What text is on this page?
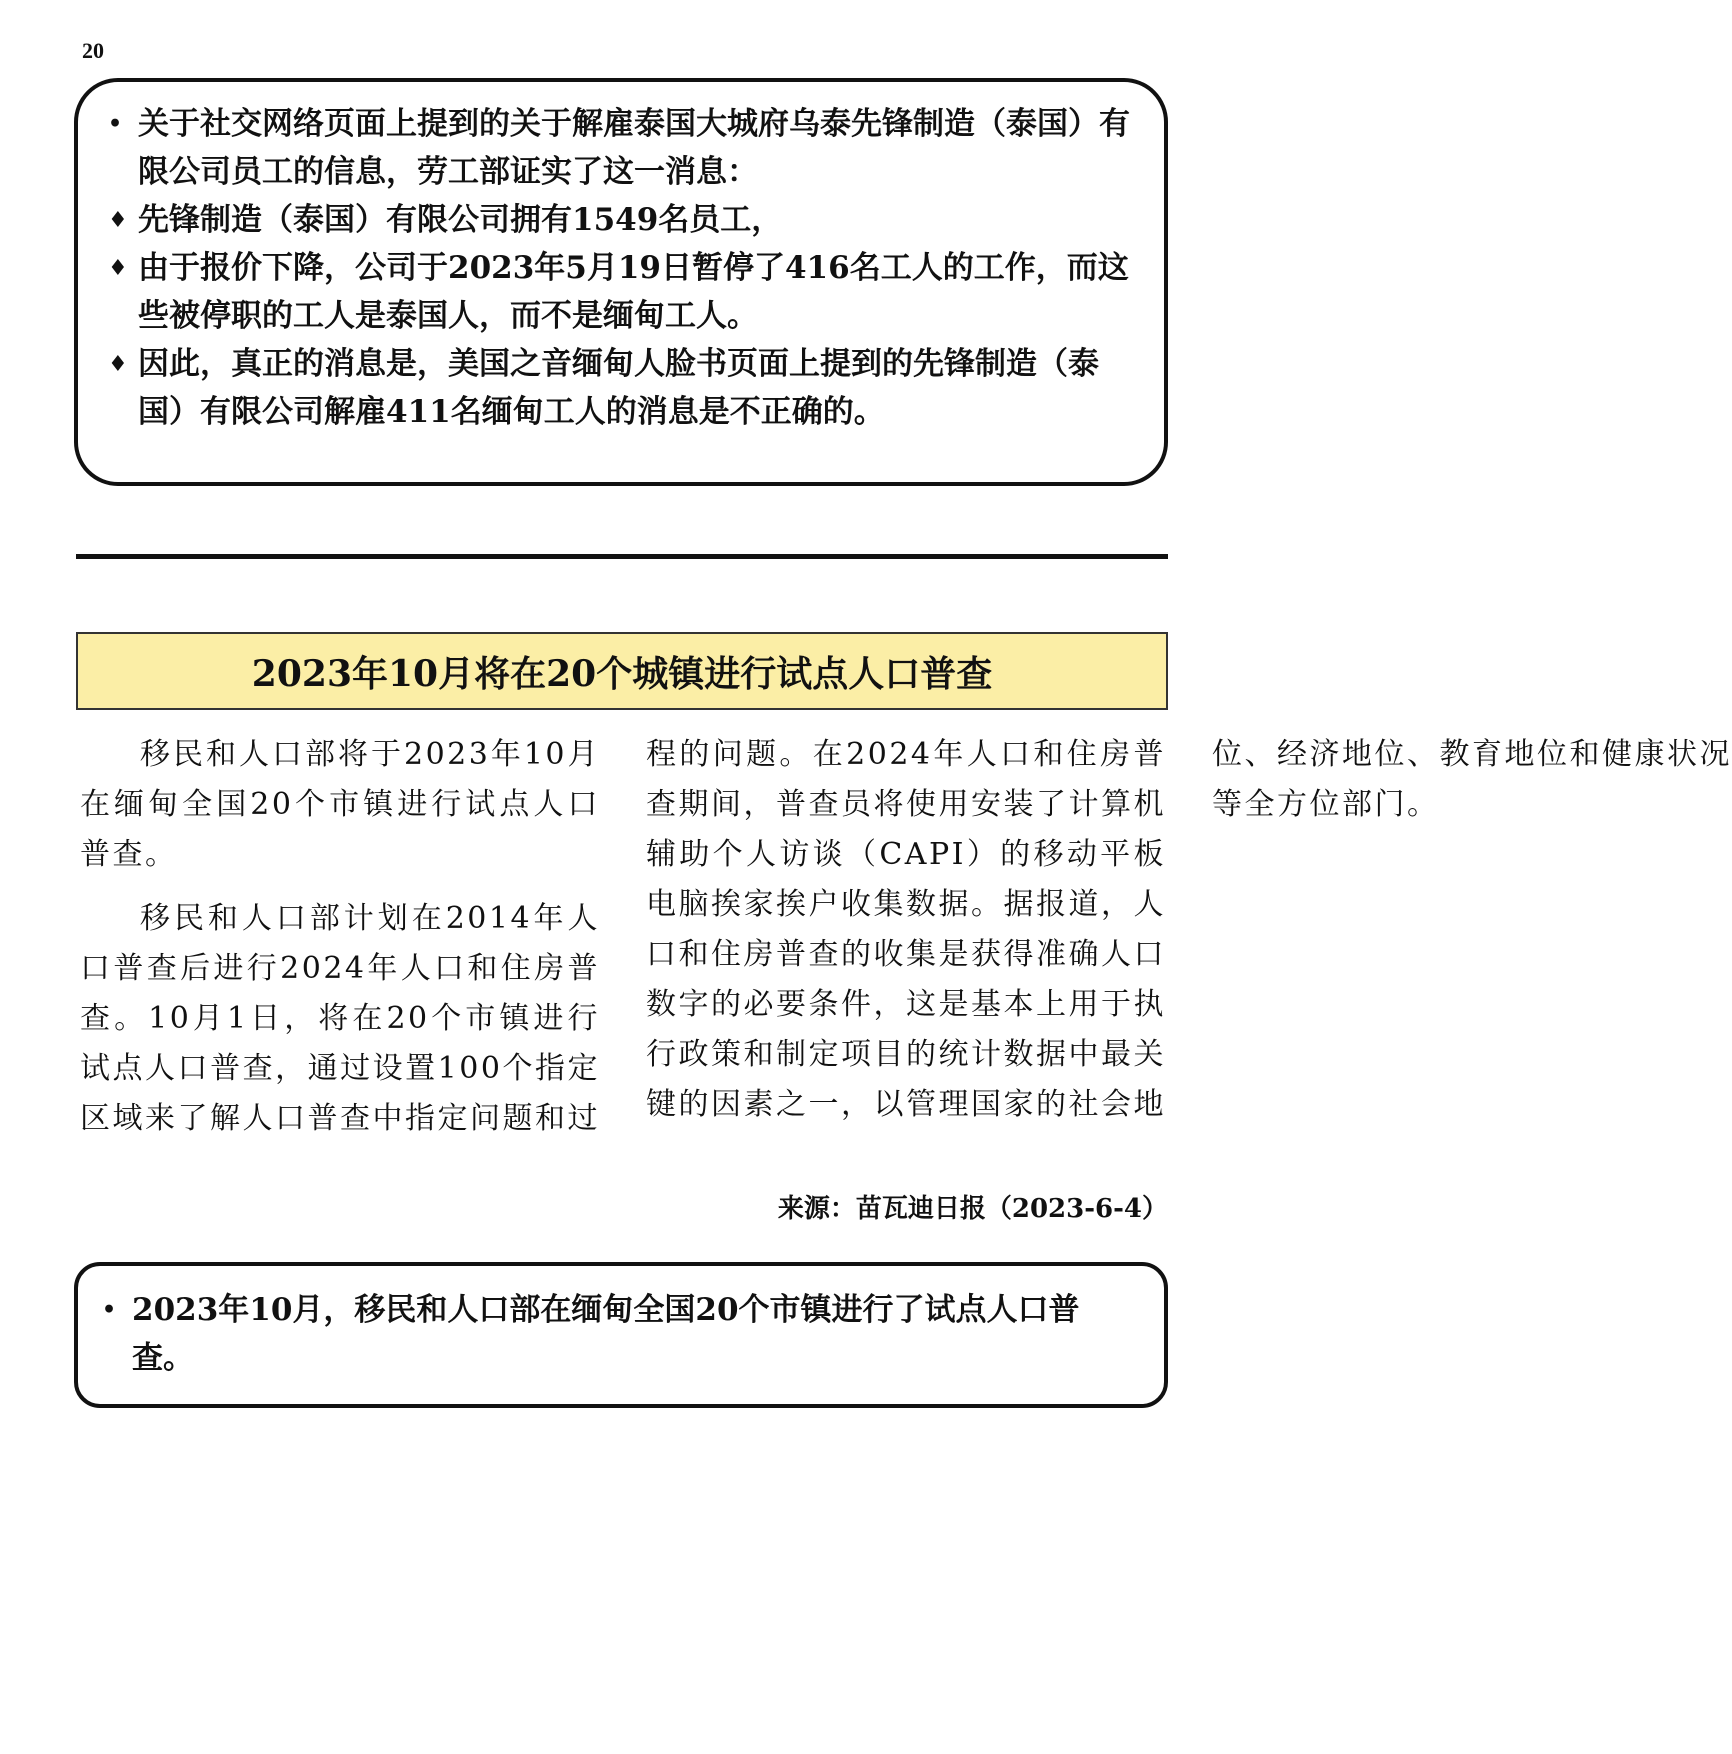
20
• 关于社交网络页面上提到的关于解雇泰国大城府乌泰先锋制造（泰国）有限公司员工的信息，劳工部证实了这一消息：
♦ 先锋制造（泰国）有限公司拥有1549名员工，
♦ 由于报价下降，公司于2023年5月19日暂停了416名工人的工作，而这些被停职的工人是泰国人，而不是缅甸工人。
♦ 因此，真正的消息是，美国之音缅甸人脸书页面上提到的先锋制造（泰国）有限公司解雇411名缅甸工人的消息是不正确的。
2023年10月将在20个城镇进行试点人口普查

移民和人口部将于2023年10月在缅甸全国20个市镇进行试点人口普查。

移民和人口部计划在2014年人口普查后进行2024年人口和住房普查。10月1日，将在20个市镇进行试点人口普查，通过设置100个指定区域来了解人口普查中指定问题和过程的问题。在2024年人口和住房普查期间，普查员将使用安装了计算机辅助个人访谈（CAPI）的移动平板电脑挨家挨户收集数据。据报道，人口和住房普查的收集是获得准确人口数字的必要条件，这是基本上用于执行政策和制定项目的统计数据中最关键的因素之一，以管理国家的社会地位、经济地位、教育地位和健康状况等全方位部门。

来源：苗瓦迪日报（2023-6-4）
• 2023年10月，移民和人口部在缅甸全国20个市镇进行了试点人口普查。
